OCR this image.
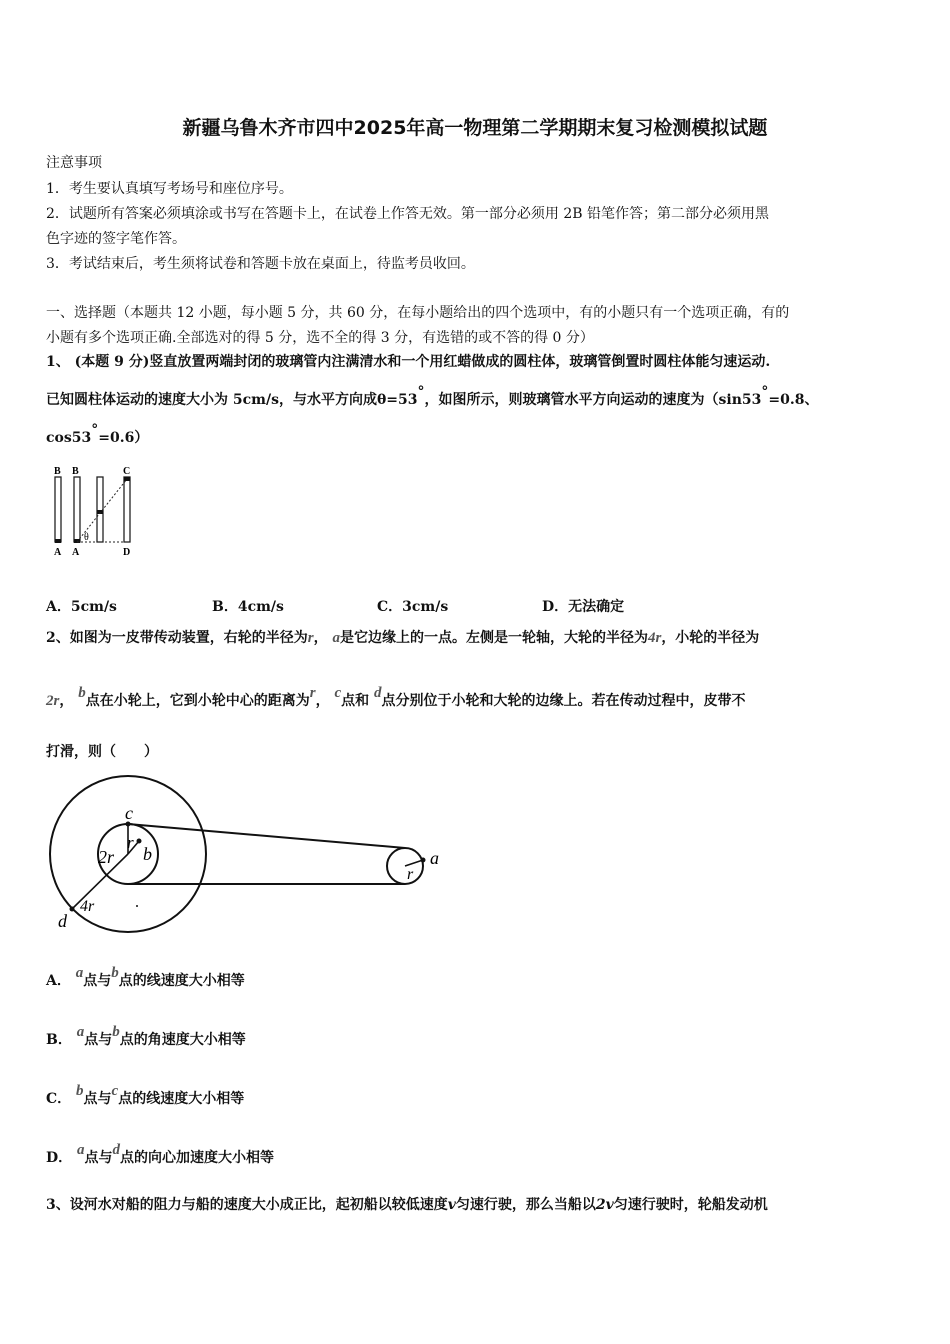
新疆乌鲁木齐市四中2025年高一物理第二学期期末复习检测模拟试题
注意事项
1．考生要认真填写考场号和座位序号。
2．试题所有答案必须填涂或书写在答题卡上，在试卷上作答无效。第一部分必须用 2B 铅笔作答；第二部分必须用黑
色字迹的签字笔作答。
3．考试结束后，考生须将试卷和答题卡放在桌面上，待监考员收回。
一、选择题（本题共 12 小题，每小题 5 分，共 60 分，在每小题给出的四个选项中，有的小题只有一个选项正确，有的
小题有多个选项正确.全部选对的得 5 分，选不全的得 3 分，有选错的或不答的得 0 分）
1、 (本题 9 分)竖直放置两端封闭的玻璃管内注满清水和一个用红蜡做成的圆柱体，玻璃管倒置时圆柱体能匀速运动.
已知圆柱体运动的速度大小为 5cm/s，与水平方向成θ=53°，如图所示，则玻璃管水平方向运动的速度为（sin53°=0.8、
cos53°=0.6）
B B	C
A A
θ
D
A．5cm/s	B．4cm/s	C．3cm/s	D．无法确定
2、如图为一皮带传动装置，右轮的半径为r， a是它边缘上的一点。左侧是一轮轴，大轮的半径为4r，小轮的半径为
2r， b点在小轮上，它到小轮中心的距离为r， c点和 d点分别位于小轮和大轮的边缘上。若在传动过程中，皮带不
打滑，则（　　）
c
r
2r b	a
r
4r
d
A． a点与b点的线速度大小相等
B． a点与b点的角速度大小相等
C． b点与c点的线速度大小相等
D． a点与d点的向心加速度大小相等
3、设河水对船的阻力与船的速度大小成正比，起初船以较低速度v匀速行驶，那么当船以2v匀速行驶时，轮船发动机
